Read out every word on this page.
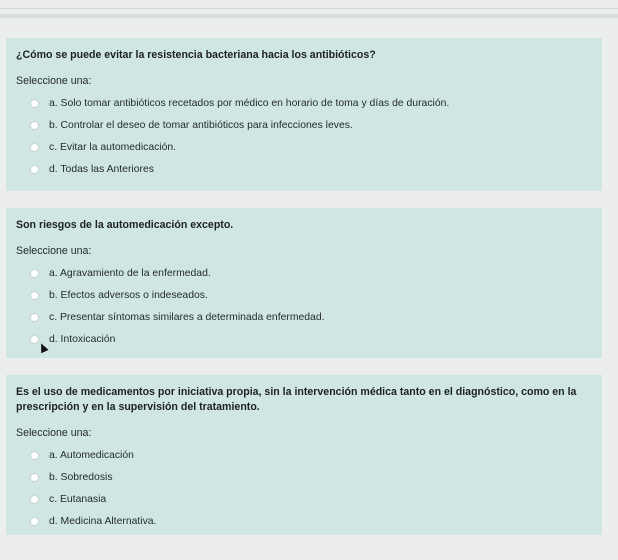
¿Cómo se puede evitar la resistencia bacteriana hacia los antibióticos?

Seleccione una:
a. Solo tomar antibióticos recetados por médico en horario de toma y días de duración.
b. Controlar el deseo de tomar antibióticos para infecciones leves.
c. Evitar la automedicación.
d. Todas las Anteriores

Son riesgos de la automedicación excepto.

Seleccione una:
a. Agravamiento de la enfermedad.
b. Efectos adversos o indeseados.
c. Presentar síntomas similares a determinada enfermedad.
d. Intoxicación

Es el uso de medicamentos por iniciativa propia, sin la intervención médica tanto en el diagnóstico, como en la prescripción y en la supervisión del tratamiento.

Seleccione una:
a. Automedicación
b. Sobredosis
c. Eutanasia
d. Medicina Alternativa.
